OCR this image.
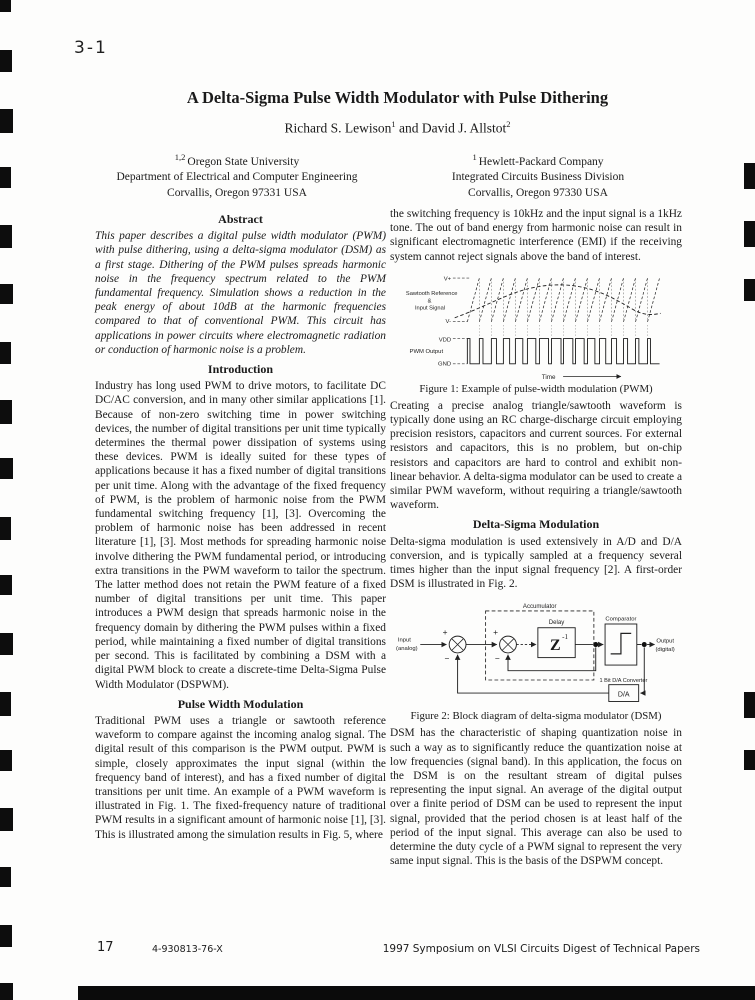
3-1
A Delta-Sigma Pulse Width Modulator with Pulse Dithering
Richard S. Lewison$^1$ and David J. Allstot$^2$
$^{1,2}$ Oregon State University
Department of Electrical and Computer Engineering
Corvallis, Oregon 97331 USA
$^1$ Hewlett-Packard Company
Integrated Circuits Business Division
Corvallis, Oregon 97330 USA
Abstract

This paper describes a digital pulse width modulator (PWM) with pulse dithering, using a delta-sigma modulator (DSM) as a first stage. Dithering of the PWM pulses spreads harmonic noise in the frequency spectrum related to the PWM fundamental frequency. Simulation shows a reduction in the peak energy of about 10dB at the harmonic frequencies compared to that of conventional PWM. This circuit has applications in power circuits where electromagnetic radiation or conduction of harmonic noise is a problem.

Introduction

Industry has long used PWM to drive motors, to facilitate DC DC/AC conversion, and in many other similar applications [1]. Because of non-zero switching time in power switching devices, the number of digital transitions per unit time typically determines the thermal power dissipation of systems using these devices. PWM is ideally suited for these types of applications because it has a fixed number of digital transitions per unit time. Along with the advantage of the fixed frequency of PWM, is the problem of harmonic noise from the PWM fundamental switching frequency [1], [3]. Overcoming the problem of harmonic noise has been addressed in recent literature [1], [3]. Most methods for spreading harmonic noise involve dithering the PWM fundamental period, or introducing extra transitions in the PWM waveform to tailor the spectrum. The latter method does not retain the PWM feature of a fixed number of digital transitions per unit time. This paper introduces a PWM design that spreads harmonic noise in the frequency domain by dithering the PWM pulses within a fixed period, while maintaining a fixed number of digital transitions per second. This is facilitated by combining a DSM with a digital PWM block to create a discrete-time Delta-Sigma Pulse Width Modulator (DSPWM).

Pulse Width Modulation

Traditional PWM uses a triangle or sawtooth reference waveform to compare against the incoming analog signal. The digital result of this comparison is the PWM output. PWM is simple, closely approximates the input signal (within the frequency band of interest), and has a fixed number of digital transitions per unit time. An example of a PWM waveform is illustrated in Fig. 1. The fixed-frequency nature of traditional PWM results in a significant amount of harmonic noise [1], [3]. This is illustrated among the simulation results in Fig. 5, where

the switching frequency is 10kHz and the input signal is a 1kHz tone. The out of band energy from harmonic noise can result in significant electromagnetic interference (EMI) if the receiving system cannot reject signals above the band of interest.

V+
Sawtooth Reference
&
Input Signal
V-
VDD
PWM Output
GND
Time
Figure 1: Example of pulse-width modulation (PWM)

Creating a precise analog triangle/sawtooth waveform is typically done using an RC charge-discharge circuit employing precision resistors, capacitors and current sources. For external resistors and capacitors, this is no problem, but on-chip resistors and capacitors are hard to control and exhibit non-linear behavior. A delta-sigma modulator can be used to create a similar PWM waveform, without requiring a triangle/sawtooth waveform.

Delta-Sigma Modulation

Delta-sigma modulation is used extensively in A/D and D/A conversion, and is typically sampled at a frequency several times higher than the input signal frequency [2]. A first-order DSM is illustrated in Fig. 2.

Accumulator
Input
(analog)
+
−
+
−
Delay
Z
-1
Comparator
Output
(digital)
1 Bit D/A Converter
D/A
Figure 2: Block diagram of delta-sigma modulator (DSM)

DSM has the characteristic of shaping quantization noise in such a way as to significantly reduce the quantization noise at low frequencies (signal band). In this application, the focus on the DSM is on the resultant stream of digital pulses representing the input signal. An average of the digital output over a finite period of DSM can be used to represent the input signal, provided that the period chosen is at least half of the period of the input signal. This average can also be used to determine the duty cycle of a PWM signal to represent the very same input signal. This is the basis of the DSPWM concept.

17	4-930813-76-X	1997 Symposium on VLSI Circuits Digest of Technical Papers
